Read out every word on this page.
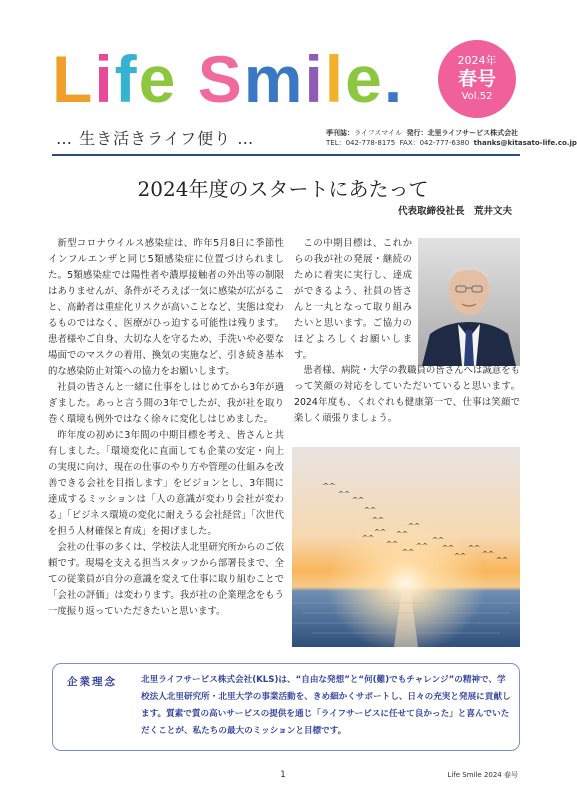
Life Smile.
… 生き活きライフ便り …
2024年
春号
Vol.52
季刊誌：ライフスマイル 発行：北里ライフサービス株式会社
TEL：042-778-8175 FAX：042-777-6380 thanks@kitasato-life.co.jp
2024年度のスタートにあたって
代表取締役社長　荒井文夫

新型コロナウイルス感染症は、昨年5月8日に季節性インフルエンザと同じ5類感染症に位置づけられました。5類感染症では陽性者や濃厚接触者の外出等の制限はありませんが、条件がそろえば一気に感染が広がること、高齢者は重症化リスクが高いことなど、実態は変わるものではなく、医療がひっ迫する可能性は残ります。患者様やご自身、大切な人を守るため、手洗いや必要な場面でのマスクの着用、換気の実施など、引き続き基本的な感染防止対策への協力をお願いします。

社員の皆さんと一緒に仕事をしはじめてから3年が過ぎました。あっと言う間の3年でしたが、我が社を取り巻く環境も例外ではなく徐々に変化しはじめました。

昨年度の初めに3年間の中期目標を考え、皆さんと共有しました。「環境変化に直面しても企業の安定・向上の実現に向け、現在の仕事のやり方や管理の仕組みを改善できる会社を目指します」をビジョンとし、3年間に達成するミッションは「人の意識が変わり会社が変わる」「ビジネス環境の変化に耐えうる会社経営」「次世代を担う人材確保と育成」を掲げました。

会社の仕事の多くは、学校法人北里研究所からのご依頼です。現場を支える担当スタッフから部署長まで、全ての従業員が自分の意識を変えて仕事に取り組むことで「会社の評価」は変わります。我が社の企業理念をもう一度振り返っていただきたいと思います。

この中期目標は、これからの我が社の発展・継続のために着実に実行し、達成ができるよう、社員の皆さんと一丸となって取り組みたいと思います。ご協力のほどよろしくお願いします。

患者様、病院・大学の教職員の皆さんへは誠意をもって笑顔の対応をしていただいていると思います。2024年度も、くれぐれも健康第一で、仕事は笑顔で楽しく頑張りましょう。

企業理念	北里ライフサービス株式会社(KLS)は、“自由な発想”と“何(難)でもチャレンジ”の精神で、学校法人北里研究所・北里大学の事業活動を、きめ細かくサポートし、日々の充実と発展に貢献します。質素で質の高いサービスの提供を通じ「ライフサービスに任せて良かった」と喜んでいただくことが、私たちの最大のミッションと目標です。
1	Life Smile 2024 春号
